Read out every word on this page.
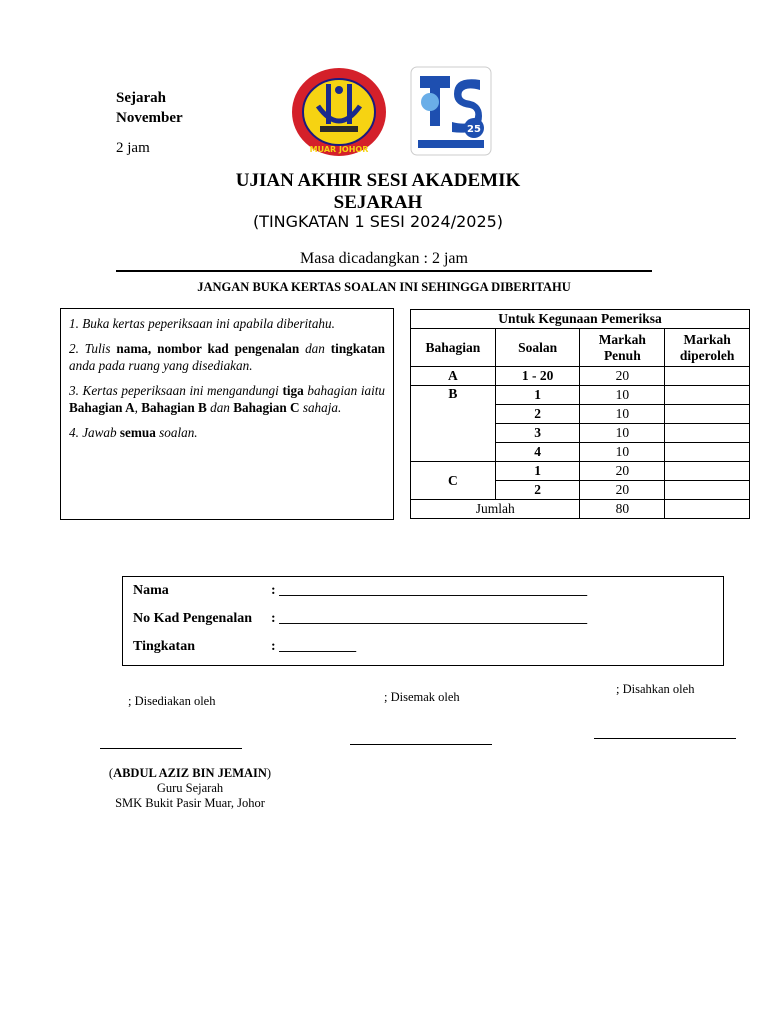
Sejarah
November
2 jam	MUAR JOHOR
25
UJIAN AKHIR SESI AKADEMIK
SEJARAH
(TINGKATAN 1 SESI 2024/2025)
Masa dicadangkan : 2 jam
JANGAN BUKA KERTAS SOALAN INI SEHINGGA DIBERITAHU

1. Buka kertas peperiksaan ini apabila diberitahu.

2. Tulis nama, nombor kad pengenalan dan tingkatan anda pada ruang yang disediakan.

3. Kertas peperiksaan ini mengandungi tiga bahagian iaitu Bahagian A, Bahagian B dan Bahagian C sahaja.

4. Jawab semua soalan.

Untuk Kegunaan Pemeriksa			
Bahagian	Soalan	Markah Penuh	Markah diperoleh
A	1 - 20	20	
B	1	10	
	2	10	
	3	10	
	4	10	
C	1	20	
	2	20	
Jumlah		80	
Nama	: ____________________________________________
No Kad Pengenalan : ____________________________________________
Tingkatan	: ___________
; Disediakan oleh	; Disemak oleh
; Disahkan oleh
(ABDUL AZIZ BIN JEMAIN)
Guru Sejarah
SMK Bukit Pasir Muar, Johor
